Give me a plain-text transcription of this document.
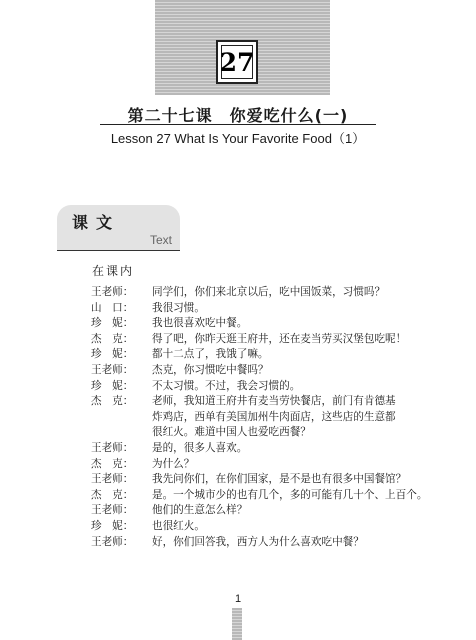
27
第二十七课　你爱吃什么(一)
Lesson 27 What Is Your Favorite Food（1）
课文
Text
在课内
王老师：	同学们，你们来北京以后，吃中国饭菜，习惯吗？
山　口：	我很习惯。
珍　妮：	我也很喜欢吃中餐。
杰　克：	得了吧，你昨天逛王府井，还在麦当劳买汉堡包吃呢！
珍　妮：	都十二点了，我饿了嘛。
王老师：	杰克，你习惯吃中餐吗？
珍　妮：	不太习惯。不过，我会习惯的。
杰　克：	老师，我知道王府井有麦当劳快餐店，前门有肯德基
炸鸡店，西单有美国加州牛肉面店，这些店的生意都
很红火。难道中国人也爱吃西餐？
王老师：	是的，很多人喜欢。
杰　克：	为什么？
王老师：	我先问你们，在你们国家，是不是也有很多中国餐馆？
杰　克：	是。一个城市少的也有几个，多的可能有几十个、上百个。
王老师：	他们的生意怎么样？
珍　妮：	也很红火。
王老师：	好，你们回答我，西方人为什么喜欢吃中餐？
1
